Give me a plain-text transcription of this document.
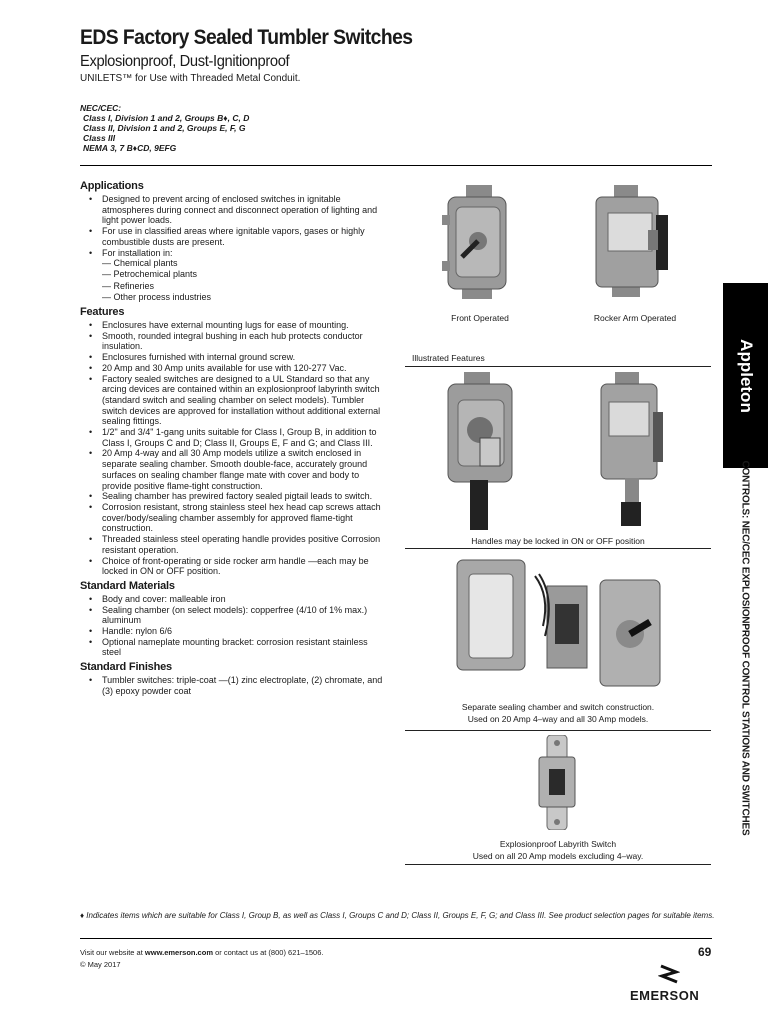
EDS Factory Sealed Tumbler Switches
Explosionproof, Dust-Ignitionproof
UNILETS™ for Use with Threaded Metal Conduit.
NEC/CEC:
Class I, Division 1 and 2, Groups B♦, C, D
Class II, Division 1 and 2, Groups E, F, G
Class III
NEMA 3, 7 B♦CD, 9EFG
Applications
• Designed to prevent arcing of enclosed switches in ignitable atmospheres during connect and disconnect operation of lighting and light power loads.
• For use in classified areas where ignitable vapors, gases or highly combustible dusts are present.
• For installation in:
— Chemical plants
— Petrochemical plants
— Refineries
— Other process industries
Features
• Enclosures have external mounting lugs for ease of mounting.
• Smooth, rounded integral bushing in each hub protects conductor insulation.
• Enclosures furnished with internal ground screw.
• 20 Amp and 30 Amp units available for use with 120-277 Vac.
• Factory sealed switches are designed to a UL Standard so that any arcing devices are contained within an explosionproof labyrinth switch (standard switch and sealing chamber on select models). Tumbler switch devices are approved for installation without additional external sealing fittings.
• 1/2" and 3/4" 1-gang units suitable for Class I, Group B, in addition to Class I, Groups C and D; Class II, Groups E, F and G; and Class III.
• 20 Amp 4-way and all 30 Amp models utilize a switch enclosed in separate sealing chamber. Smooth double-face, accurately ground surfaces on sealing chamber flange mate with cover and body to provide positive flame-tight construction.
• Sealing chamber has prewired factory sealed pigtail leads to switch.
• Corrosion resistant, strong stainless steel hex head cap screws attach cover/body/sealing chamber assembly for approved flame-tight construction.
• Threaded stainless steel operating handle provides positive Corrosion resistant operation.
• Choice of front-operating or side rocker arm handle —each may be locked in ON or OFF position.
Standard Materials
• Body and cover: malleable iron
• Sealing chamber (on select models): copperfree (4/10 of 1% max.) aluminum
• Handle: nylon 6/6
• Optional nameplate mounting bracket: corrosion resistant stainless steel
Standard Finishes
• Tumbler switches: triple-coat —(1) zinc electroplate, (2) chromate, and (3) epoxy powder coat
Front Operated	Rocker Arm Operated
Illustrated Features
Handles may be locked in ON or OFF position
Separate sealing chamber and switch construction.
Used on 20 Amp 4–way and all 30 Amp models.
Explosionproof Labyrith Switch
Used on all 20 Amp models excluding 4–way.
Appleton
CONTROLS: NEC/CEC EXPLOSIONPROOF CONTROL STATIONS AND SWITCHES
♦ Indicates items which are suitable for Class I, Group B, as well as Class I, Groups C and D; Class II, Groups E, F, G; and Class III. See product selection pages for suitable items.
Visit our website at www.emerson.com or contact us at (800) 621–1506.
© May 2017
69
EMERSON
